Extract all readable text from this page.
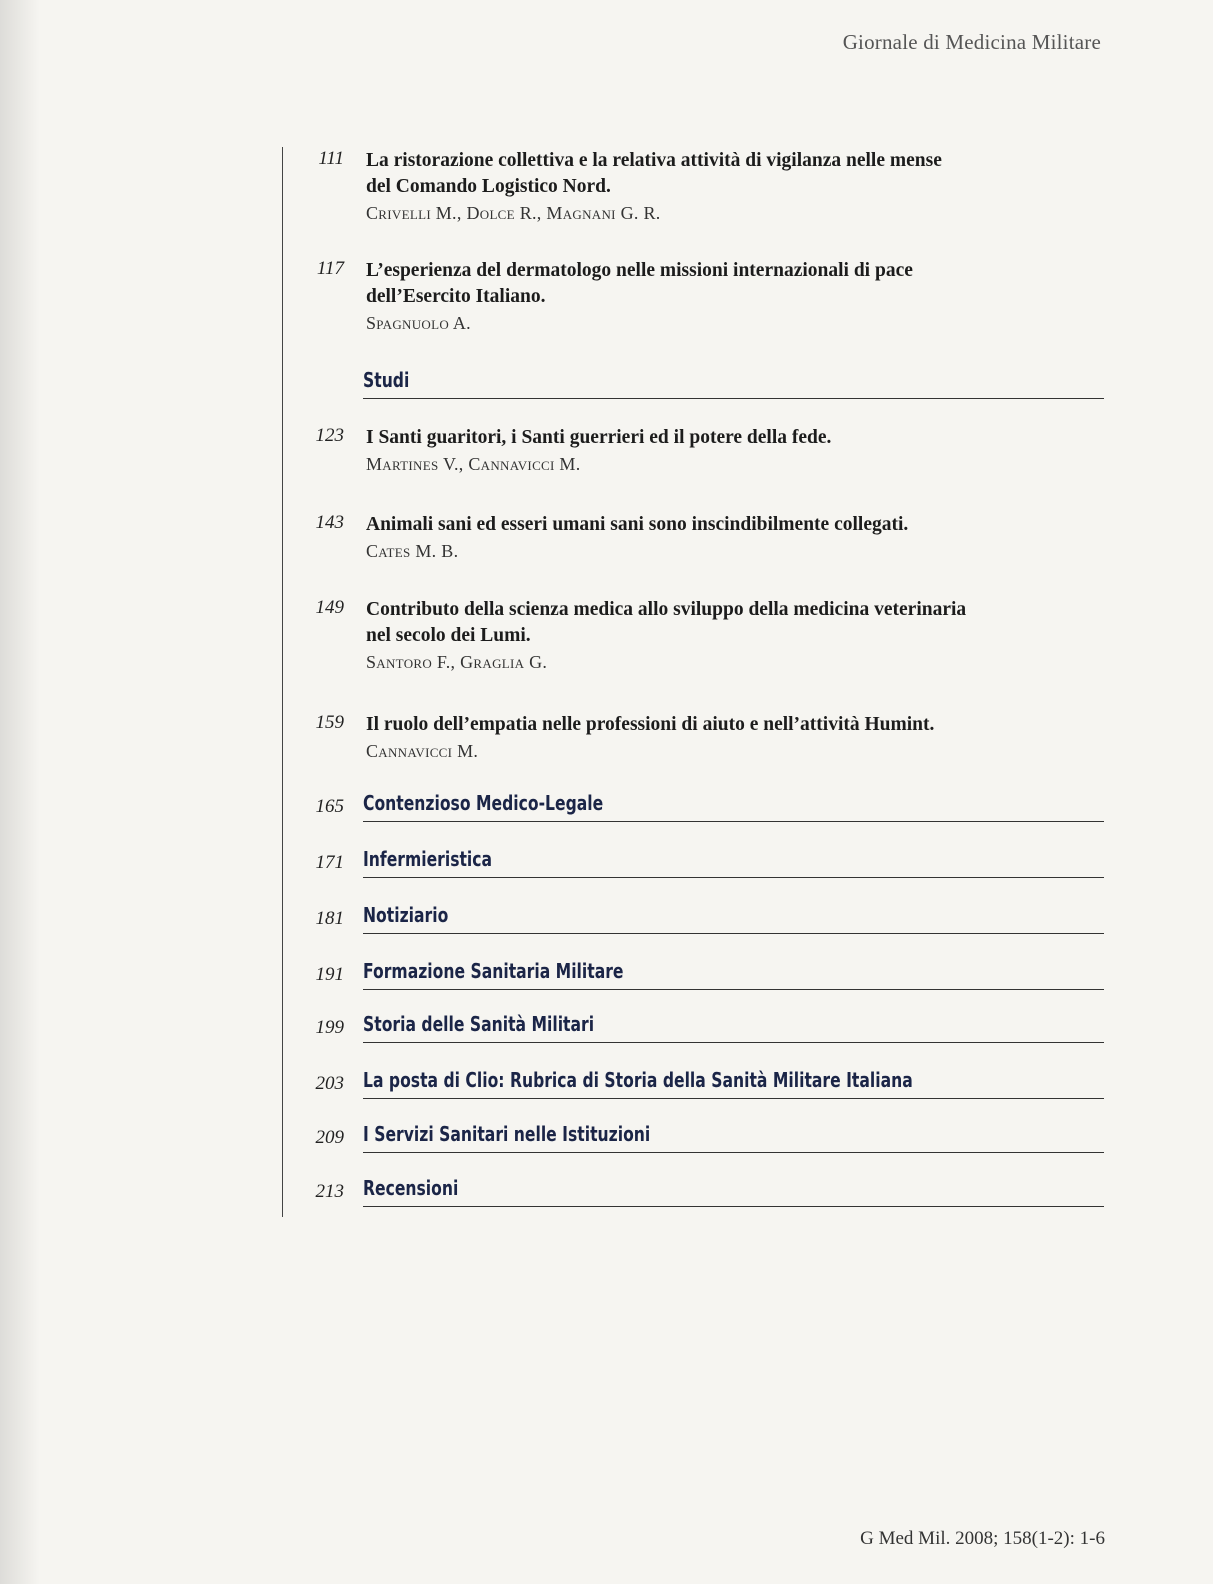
Giornale di Medicina Militare
111 La ristorazione collettiva e la relativa attività di vigilanza nelle mense
del Comando Logistico Nord.
Crivelli M., Dolce R., Magnani G. R.
117 L’esperienza del dermatologo nelle missioni internazionali di pace
dell’Esercito Italiano.
Spagnuolo A.
Studi
123 I Santi guaritori, i Santi guerrieri ed il potere della fede.
Martines V., Cannavicci M.
143 Animali sani ed esseri umani sani sono inscindibilmente collegati.
Cates M. B.
149 Contributo della scienza medica allo sviluppo della medicina veterinaria
nel secolo dei Lumi.
Santoro F., Graglia G.
159 Il ruolo dell’empatia nelle professioni di aiuto e nell’attività Humint.
Cannavicci M.
165 Contenzioso Medico-Legale
171 Infermieristica
181 Notiziario
191 Formazione Sanitaria Militare
199 Storia delle Sanità Militari
203 La posta di Clio: Rubrica di Storia della Sanità Militare Italiana
209 I Servizi Sanitari nelle Istituzioni
213 Recensioni
G Med Mil. 2008; 158(1-2): 1-6
